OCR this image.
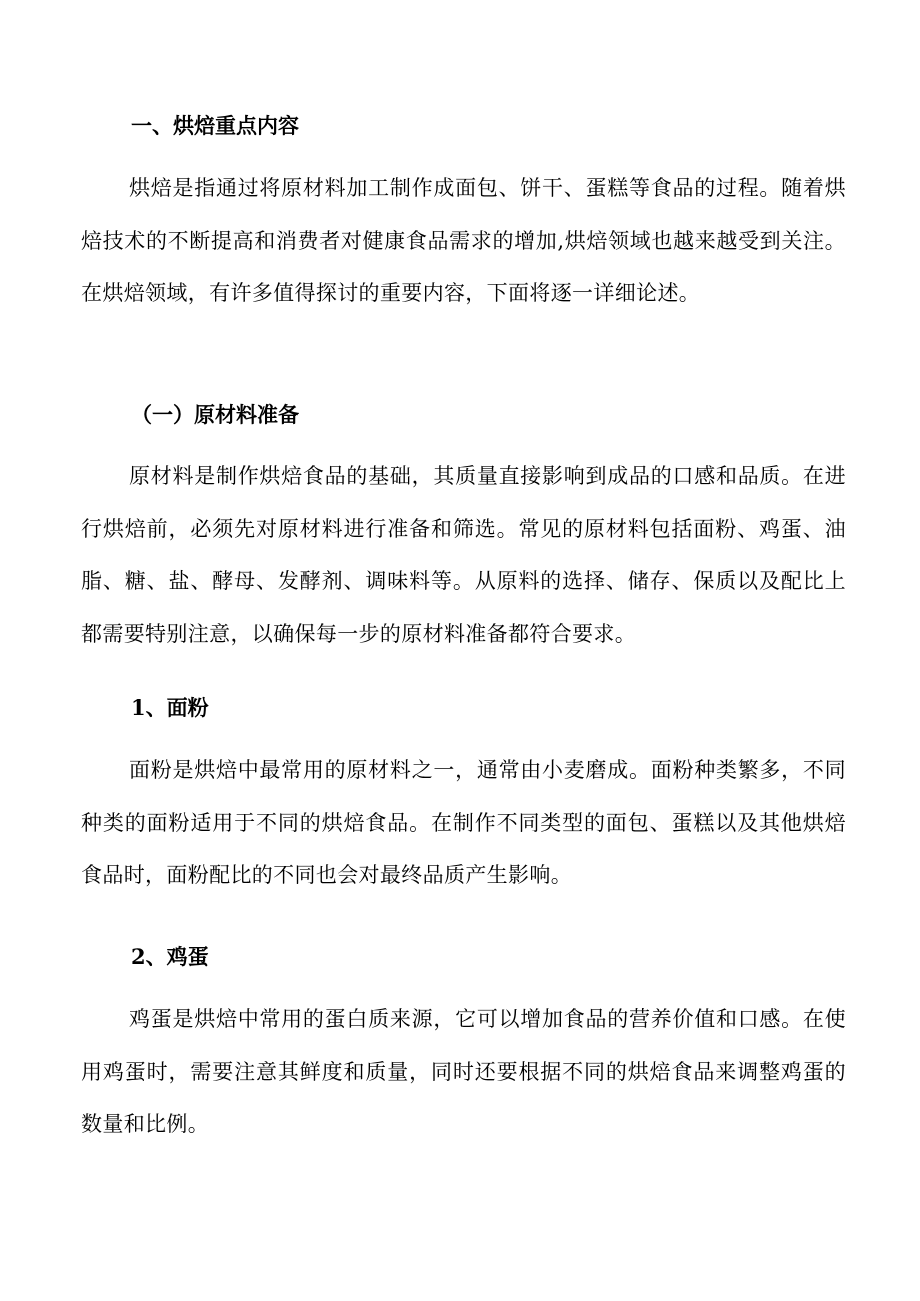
一、烘焙重点内容

烘焙是指通过将原材料加工制作成面包、饼干、蛋糕等食品的过程。随着烘焙技术的不断提高和消费者对健康食品需求的增加,烘焙领域也越来越受到关注。在烘焙领域，有许多值得探讨的重要内容，下面将逐一详细论述。

（一）原材料准备

原材料是制作烘焙食品的基础，其质量直接影响到成品的口感和品质。在进行烘焙前，必须先对原材料进行准备和筛选。常见的原材料包括面粉、鸡蛋、油脂、糖、盐、酵母、发酵剂、调味料等。从原料的选择、储存、保质以及配比上都需要特别注意，以确保每一步的原材料准备都符合要求。

1、面粉

面粉是烘焙中最常用的原材料之一，通常由小麦磨成。面粉种类繁多，不同种类的面粉适用于不同的烘焙食品。在制作不同类型的面包、蛋糕以及其他烘焙食品时，面粉配比的不同也会对最终品质产生影响。

2、鸡蛋

鸡蛋是烘焙中常用的蛋白质来源，它可以增加食品的营养价值和口感。在使用鸡蛋时，需要注意其鲜度和质量，同时还要根据不同的烘焙食品来调整鸡蛋的数量和比例。
